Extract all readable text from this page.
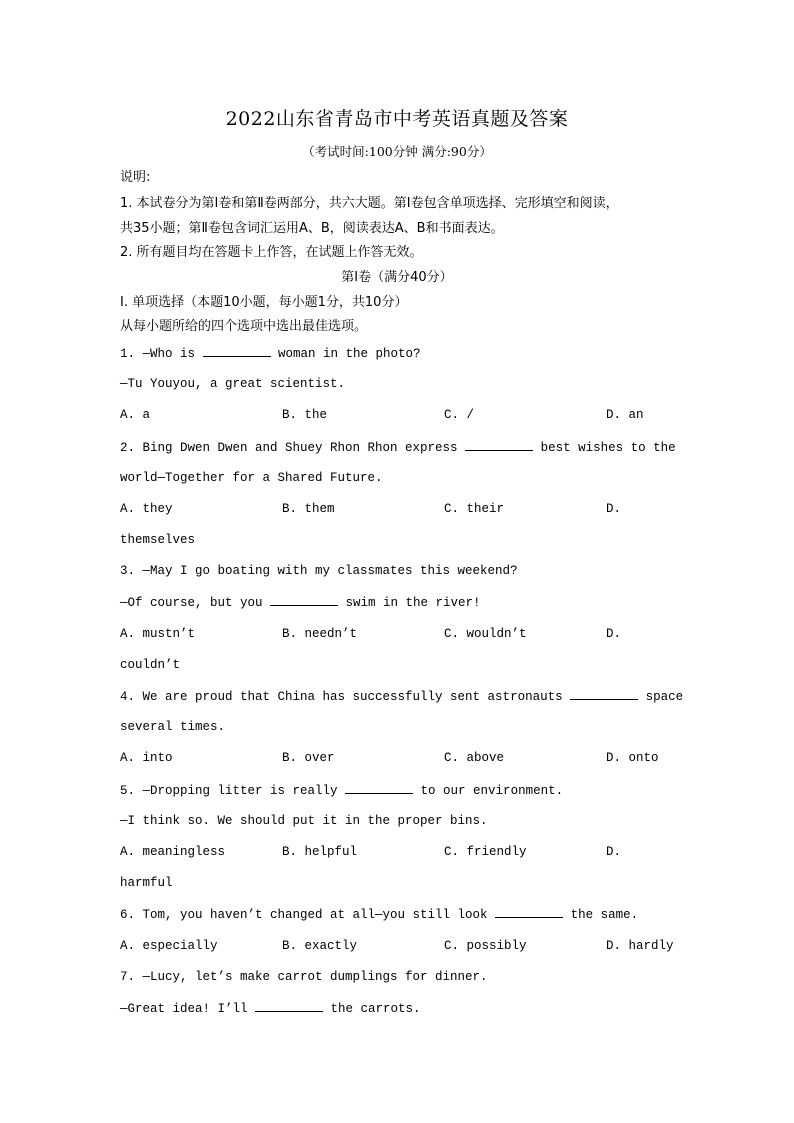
2022山东省青岛市中考英语真题及答案
（考试时间:100分钟 满分:90分）
说明:
1. 本试卷分为第Ⅰ卷和第Ⅱ卷两部分，共六大题。第Ⅰ卷包含单项选择、完形填空和阅读，
共35小题；第Ⅱ卷包含词汇运用A、B，阅读表达A、B和书面表达。
2. 所有题目均在答题卡上作答，在试题上作答无效。
第Ⅰ卷（满分40分）
I. 单项选择（本题10小题，每小题1分，共10分）
从每小题所给的四个选项中选出最佳选项。
1. —Who is	woman in the photo?
—Tu Youyou, a great scientist.
A. a	B. the	C. /	D. an
2. Bing Dwen Dwen and Shuey Rhon Rhon express	best wishes to the
world—Together for a Shared Future.
A. they	B. them	C. their	D.
themselves
3. —May I go boating with my classmates this weekend?
—Of course, but you	swim in the river!
A. mustn’t	B. needn’t	C. wouldn’t	D.
couldn’t
4. We are proud that China has successfully sent astronauts	space
several times.
A. into	B. over	C. above	D. onto
5. —Dropping litter is really	to our environment.
—I think so. We should put it in the proper bins.
A. meaningless	B. helpful	C. friendly	D.
harmful
6. Tom, you haven’t changed at all—you still look	the same.
A. especially	B. exactly	C. possibly	D. hardly
7. —Lucy, let’s make carrot dumplings for dinner.
—Great idea! I’ll	the carrots.
